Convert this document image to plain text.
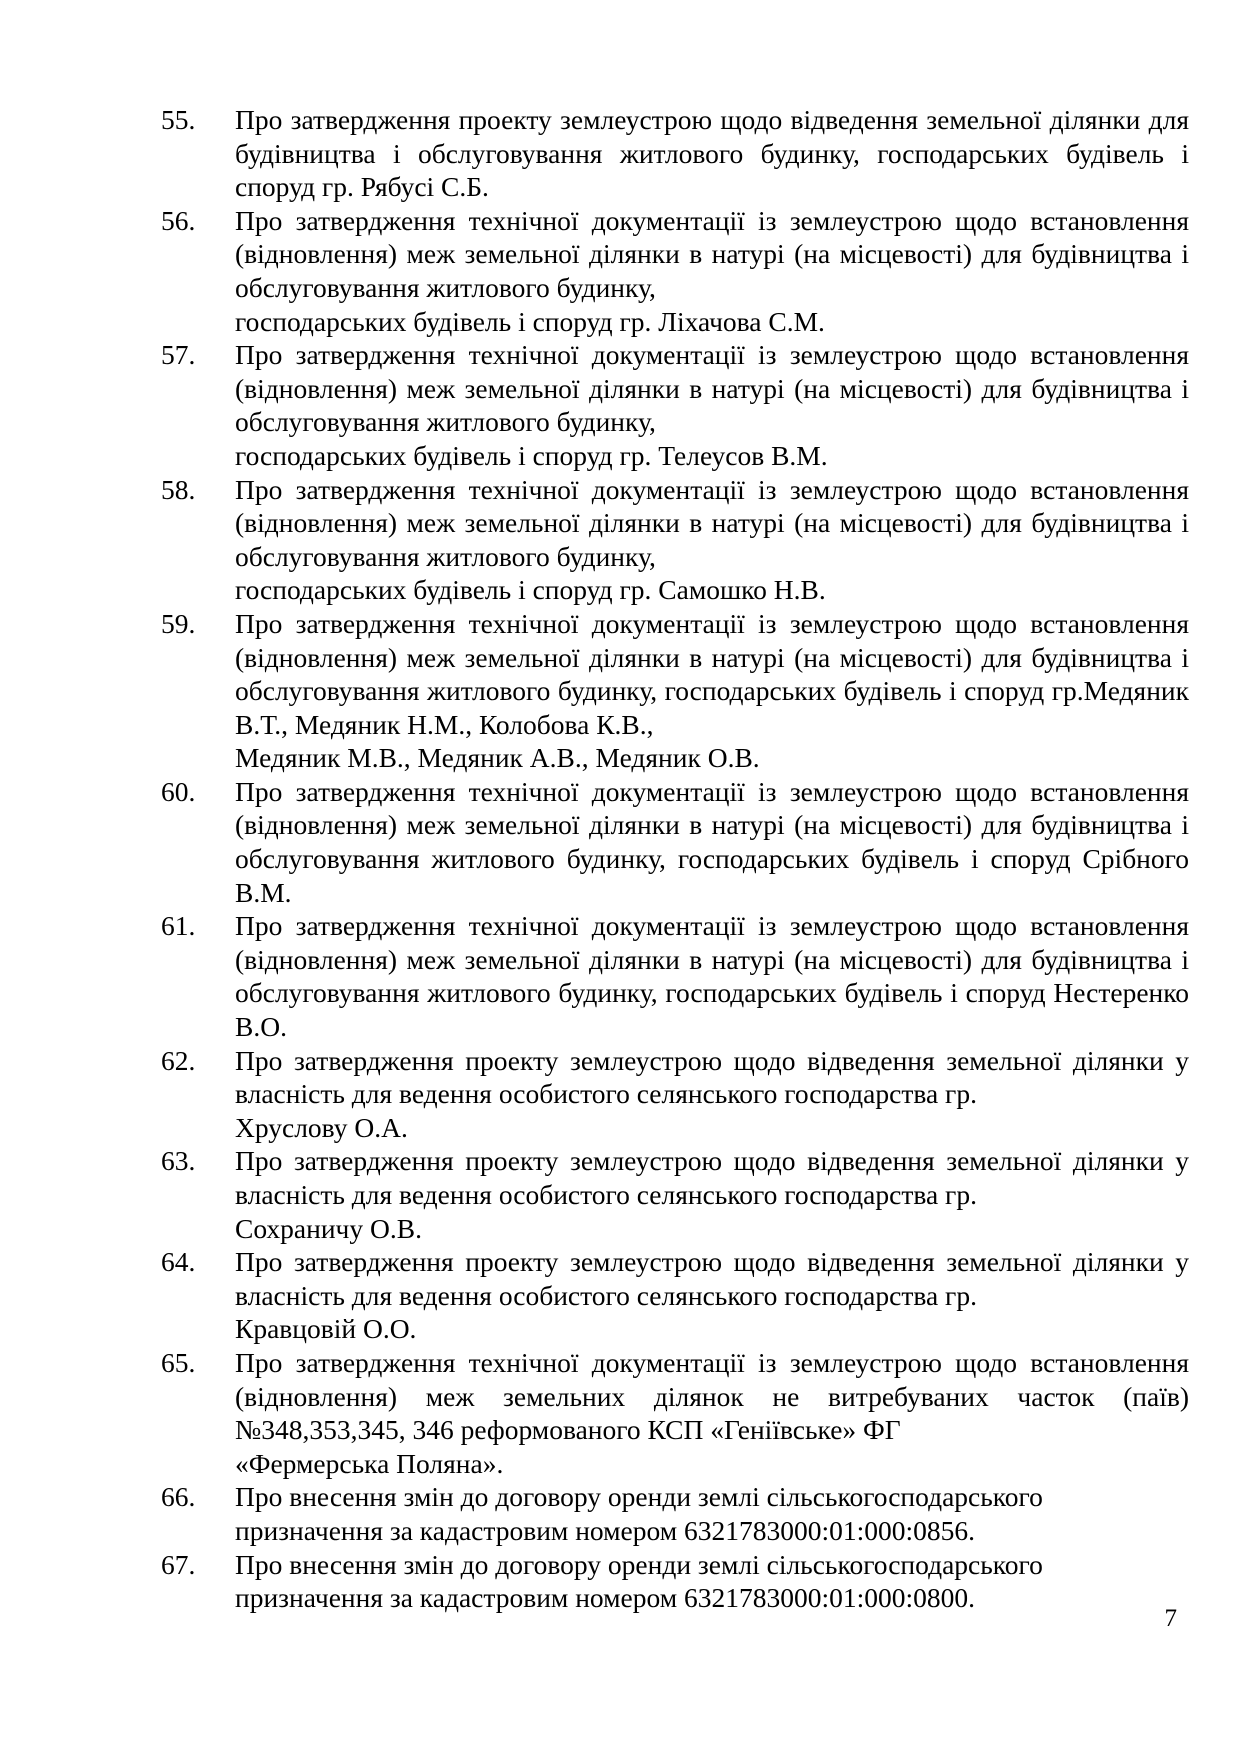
55.	Про затвердження проекту землеустрою щодо відведення земельної ділянки для будівництва і обслуговування житлового будинку, господарських будівель і споруд гр. Рябусі С.Б.
56.	Про затвердження технічної документації із землеустрою щодо встановлення (відновлення) меж земельної ділянки в натурі (на місцевості) для будівництва і обслуговування житлового будинку,
господарських будівель і споруд гр. Ліхачова С.М.
57.	Про затвердження технічної документації із землеустрою щодо встановлення (відновлення) меж земельної ділянки в натурі (на місцевості) для будівництва і обслуговування житлового будинку,
господарських будівель і споруд гр. Телеусов В.М.
58.	Про затвердження технічної документації із землеустрою щодо встановлення (відновлення) меж земельної ділянки в натурі (на місцевості) для будівництва і обслуговування житлового будинку,
господарських будівель і споруд гр. Самошко Н.В.
59.	Про затвердження технічної документації із землеустрою щодо встановлення (відновлення) меж земельної ділянки в натурі (на місцевості) для будівництва і обслуговування житлового будинку, господарських будівель і споруд гр.Медяник В.Т., Медяник Н.М., Колобова К.В.,
Медяник М.В., Медяник А.В., Медяник О.В.
60.	Про затвердження технічної документації із землеустрою щодо встановлення (відновлення) меж земельної ділянки в натурі (на місцевості) для будівництва і обслуговування житлового будинку, господарських будівель і споруд Срібного В.М.
61.	Про затвердження технічної документації із землеустрою щодо встановлення (відновлення) меж земельної ділянки в натурі (на місцевості) для будівництва і обслуговування житлового будинку, господарських будівель і споруд Нестеренко В.О.
62.	Про затвердження проекту землеустрою щодо відведення земельної ділянки у власність для ведення особистого селянського господарства гр.
Хруслову О.А.
63.	Про затвердження проекту землеустрою щодо відведення земельної ділянки у власність для ведення особистого селянського господарства гр.
Сохраничу О.В.
64.	Про затвердження проекту землеустрою щодо відведення земельної ділянки у власність для ведення особистого селянського господарства гр.
Кравцовій О.О.
65.	Про затвердження технічної документації із землеустрою щодо встановлення (відновлення) меж земельних ділянок не витребуваних часток (паїв) №348,353,345, 346 реформованого КСП «Геніївське» ФГ
«Фермерська Поляна».
66.	Про внесення змін до договору оренди землі сільськогосподарського
призначення за кадастровим номером 6321783000:01:000:0856.
67.	Про внесення змін до договору оренди землі сільськогосподарського
призначення за кадастровим номером 6321783000:01:000:0800.
7
